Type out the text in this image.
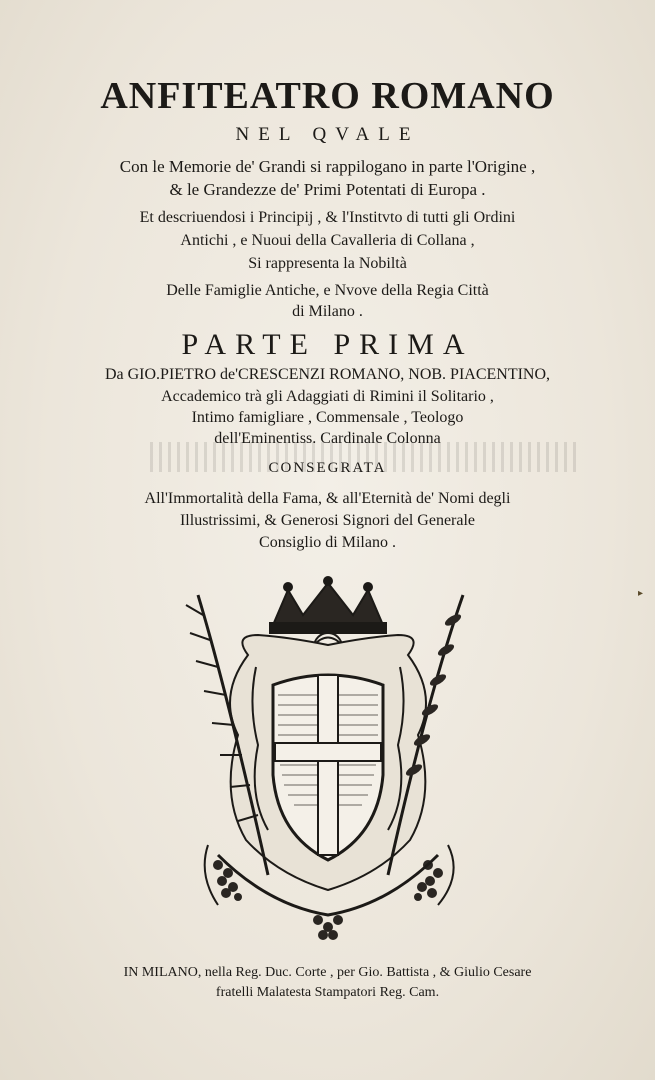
ANFITEATRO ROMANO
NEL QVALE
Con le Memorie de' Grandi si rappilogano in parte l'Origine ,
& le Grandezze de' Primi Potentati di Europa .
Et descriuendosi i Principij , & l'Institvto di tutti gli Ordini
Antichi , e Nuoui della Cavalleria di Collana ,
Si rappresenta la Nobiltà
Delle Famiglie Antiche, e Nvove della Regia Città
di Milano .
PARTE PRIMA
Da GIO.PIETRO de'CRESCENZI ROMANO, NOB. PIACENTINO,
Accademico trà gli Adaggiati di Rimini il Solitario ,
Intimo famigliare , Commensale , Teologo
dell'Eminentiss. Cardinale Colonna
CONSEGRATA
All'Immortalità della Fama, & all'Eternità de' Nomi degli
Illustrissimi, & Generosi Signori del Generale
Consiglio di Milano .
IN MILANO, nella Reg. Duc. Corte , per Gio. Battista , & Giulio Cesare
fratelli Malatesta Stampatori Reg. Cam.
▸
